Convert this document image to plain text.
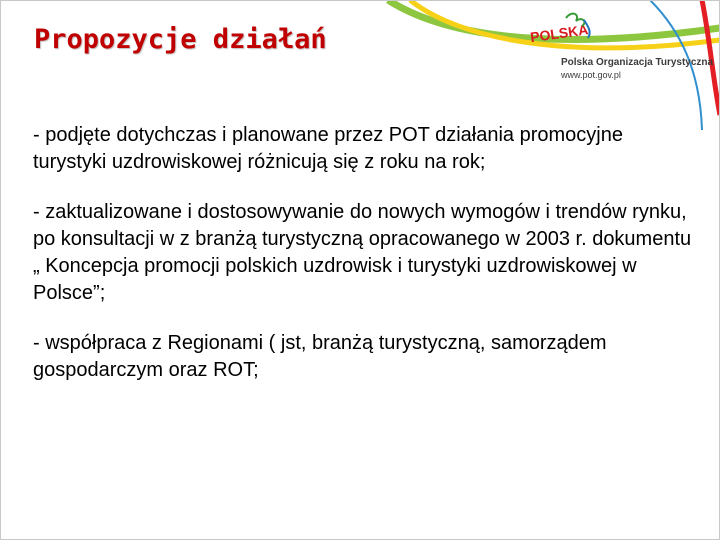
POLSKA
Polska Organizacja Turystyczna
www.pot.gov.pl
Propozycje działań

- podjęte dotychczas i planowane przez POT działania promocyjne turystyki uzdrowiskowej różnicują się z roku na rok;

- zaktualizowane i dostosowywanie do nowych wymogów i trendów rynku, po konsultacji w z branżą turystyczną opracowanego w 2003 r. dokumentu „ Koncepcja promocji polskich uzdrowisk i turystyki uzdrowiskowej w Polsce”;

- współpraca z Regionami ( jst, branżą turystyczną, samorządem gospodarczym oraz ROT;
